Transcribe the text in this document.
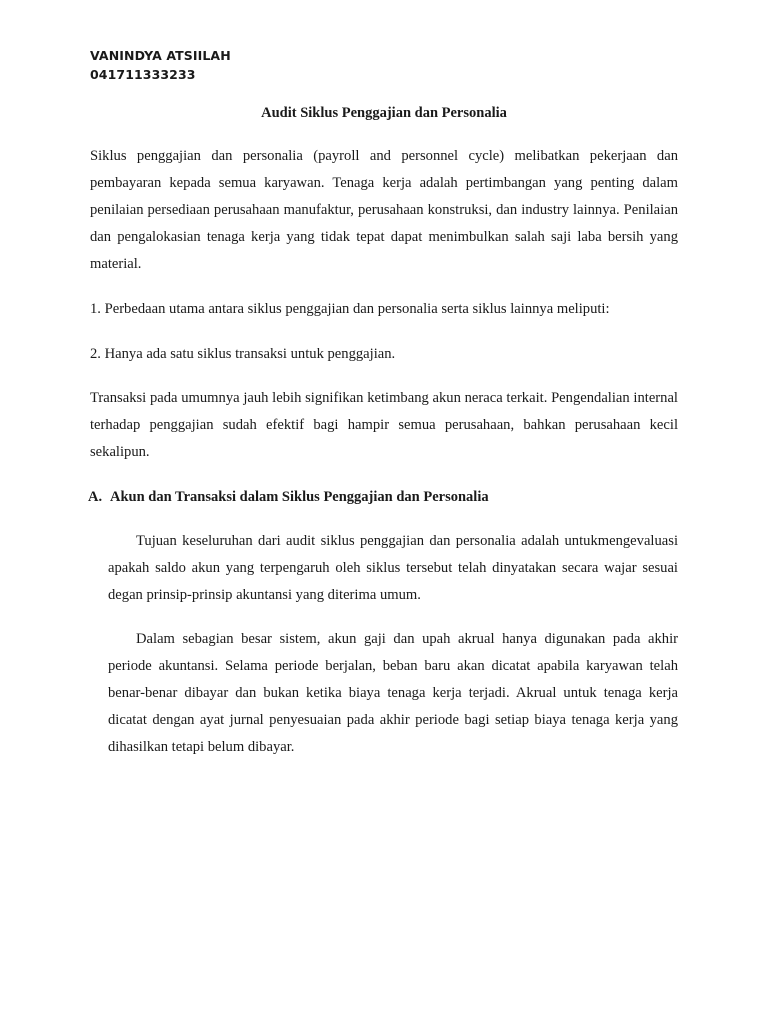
VANINDYA ATSIILAH
041711333233
Audit Siklus Penggajian dan Personalia

Siklus penggajian dan personalia (payroll and personnel cycle) melibatkan pekerjaan dan pembayaran kepada semua karyawan. Tenaga kerja adalah pertimbangan yang penting dalam penilaian persediaan perusahaan manufaktur, perusahaan konstruksi, dan industry lainnya. Penilaian dan pengalokasian tenaga kerja yang tidak tepat dapat menimbulkan salah saji laba bersih yang material.

1. Perbedaan utama antara siklus penggajian dan personalia serta siklus lainnya meliputi:

2. Hanya ada satu siklus transaksi untuk penggajian.

Transaksi pada umumnya jauh lebih signifikan ketimbang akun neraca terkait. Pengendalian internal terhadap penggajian sudah efektif bagi hampir semua perusahaan, bahkan perusahaan kecil sekalipun.

A. Akun dan Transaksi dalam Siklus Penggajian dan Personalia

Tujuan keseluruhan dari audit siklus penggajian dan personalia adalah untukmengevaluasi apakah saldo akun yang terpengaruh oleh siklus tersebut telah dinyatakan secara wajar sesuai degan prinsip-prinsip akuntansi yang diterima umum.

Dalam sebagian besar sistem, akun gaji dan upah akrual hanya digunakan pada akhir periode akuntansi. Selama periode berjalan, beban baru akan dicatat apabila karyawan telah benar-benar dibayar dan bukan ketika biaya tenaga kerja terjadi. Akrual untuk tenaga kerja dicatat dengan ayat jurnal penyesuaian pada akhir periode bagi setiap biaya tenaga kerja yang dihasilkan tetapi belum dibayar.
